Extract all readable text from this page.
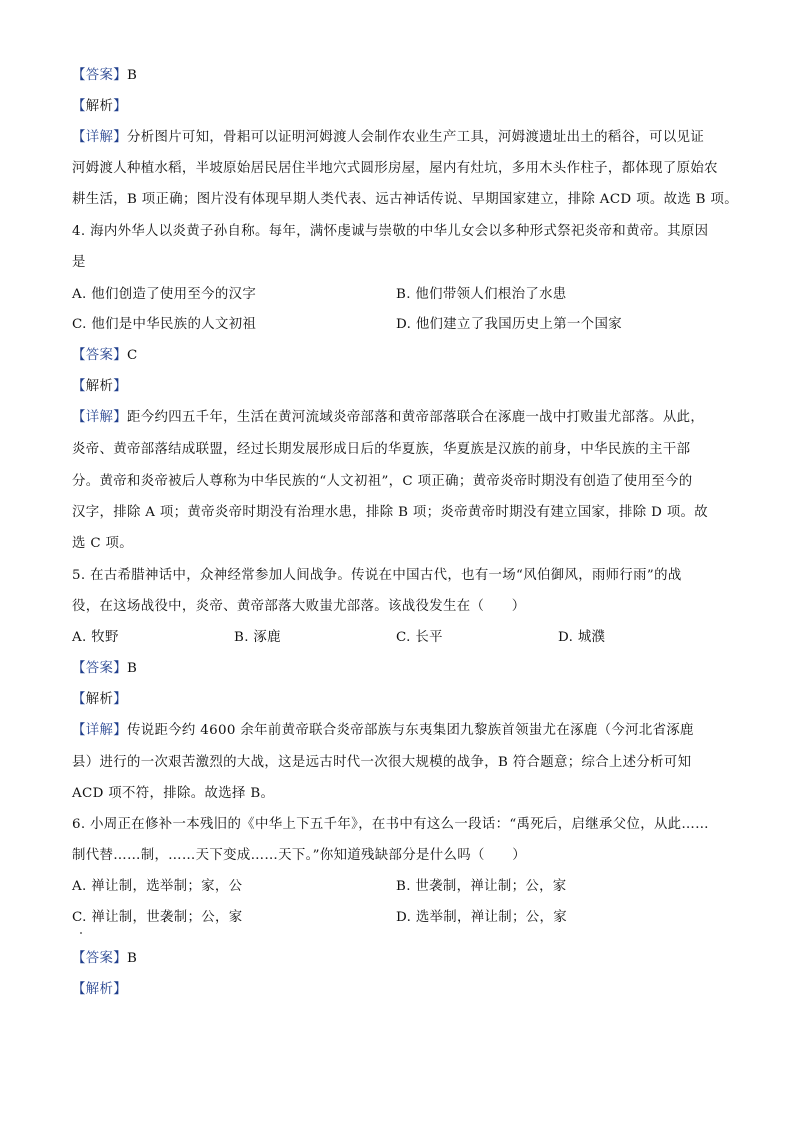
【答案】B
【解析】
【详解】分析图片可知，骨耜可以证明河姆渡人会制作农业生产工具，河姆渡遗址出土的稻谷，可以见证
河姆渡人种植水稻，半坡原始居民居住半地穴式圆形房屋，屋内有灶坑，多用木头作柱子，都体现了原始农
耕生活，B 项正确；图片没有体现早期人类代表、远古神话传说、早期国家建立，排除 ACD 项。故选 B 项。
4. 海内外华人以炎黄子孙自称。每年，满怀虔诚与崇敬的中华儿女会以多种形式祭祀炎帝和黄帝。其原因
是
A. 他们创造了使用至今的汉字	B. 他们带领人们根治了水患
C. 他们是中华民族的人文初祖	D. 他们建立了我国历史上第一个国家
【答案】C
【解析】
【详解】距今约四五千年，生活在黄河流域炎帝部落和黄帝部落联合在涿鹿一战中打败蚩尤部落。从此，
炎帝、黄帝部落结成联盟，经过长期发展形成日后的华夏族，华夏族是汉族的前身，中华民族的主干部
分。黄帝和炎帝被后人尊称为中华民族的“人文初祖”，C 项正确；黄帝炎帝时期没有创造了使用至今的
汉字，排除 A 项；黄帝炎帝时期没有治理水患，排除 B 项；炎帝黄帝时期没有建立国家，排除 D 项。故
选 C 项。
5. 在古希腊神话中，众神经常参加人间战争。传说在中国古代，也有一场“风伯御风，雨师行雨”的战
役，在这场战役中，炎帝、黄帝部落大败蚩尤部落。该战役发生在（　　）
A. 牧野	B. 涿鹿	C. 长平	D. 城濮
【答案】B
【解析】
【详解】传说距今约 4600 余年前黄帝联合炎帝部族与东夷集团九黎族首领蚩尤在涿鹿（今河北省涿鹿
县）进行的一次艰苦激烈的大战，这是远古时代一次很大规模的战争，B 符合题意；综合上述分析可知
ACD 项不符，排除。故选择 B。
6. 小周正在修补一本残旧的《中华上下五千年》，在书中有这么一段话：“禹死后，启继承父位，从此……
制代替……制，……天下变成……天下。”你知道残缺部分是什么吗（　　）
A. 禅让制，选举制；家，公	B. 世袭制，禅让制；公，家
C. 禅让制，世袭制；公，家	D. 选举制，禅让制；公，家
【答案】B
【解析】
